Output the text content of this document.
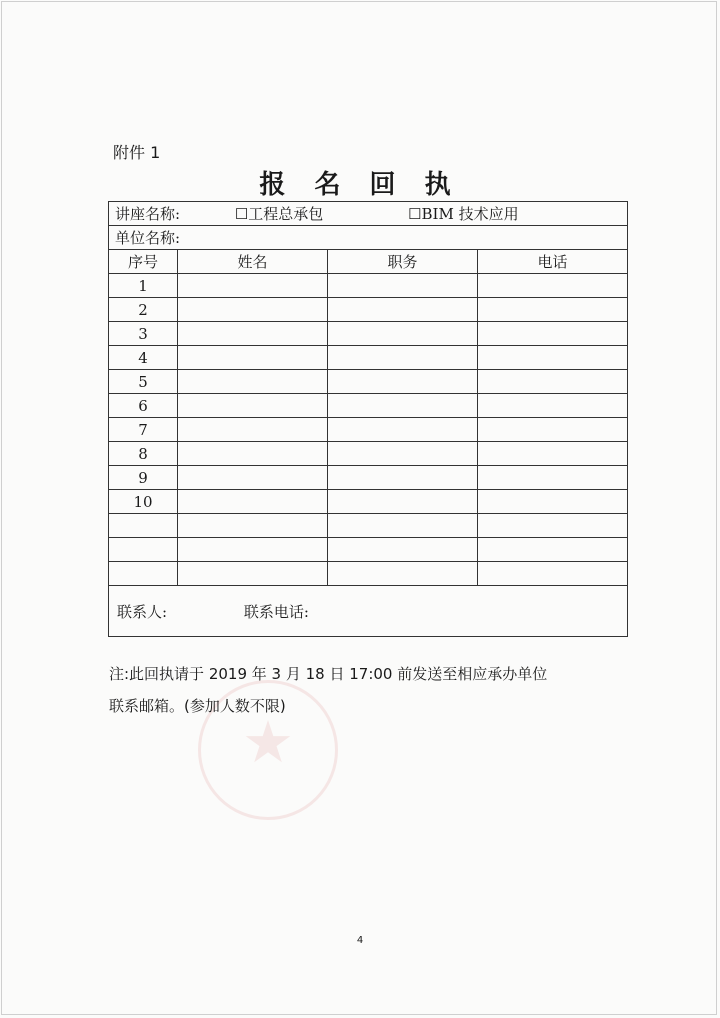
★
附件 1
报 名 回 执
讲座名称: ☐工程总承包 ☐BIM 技术应用			
单位名称:			
序号	姓名	职务	电话
1			
2			
3			
4			
5			
6			
7			
8			
9			
10			

联系人: 联系电话:			
注:此回执请于 2019 年 3 月 18 日 17:00 前发送至相应承办单位
联系邮箱。(参加人数不限)
4
